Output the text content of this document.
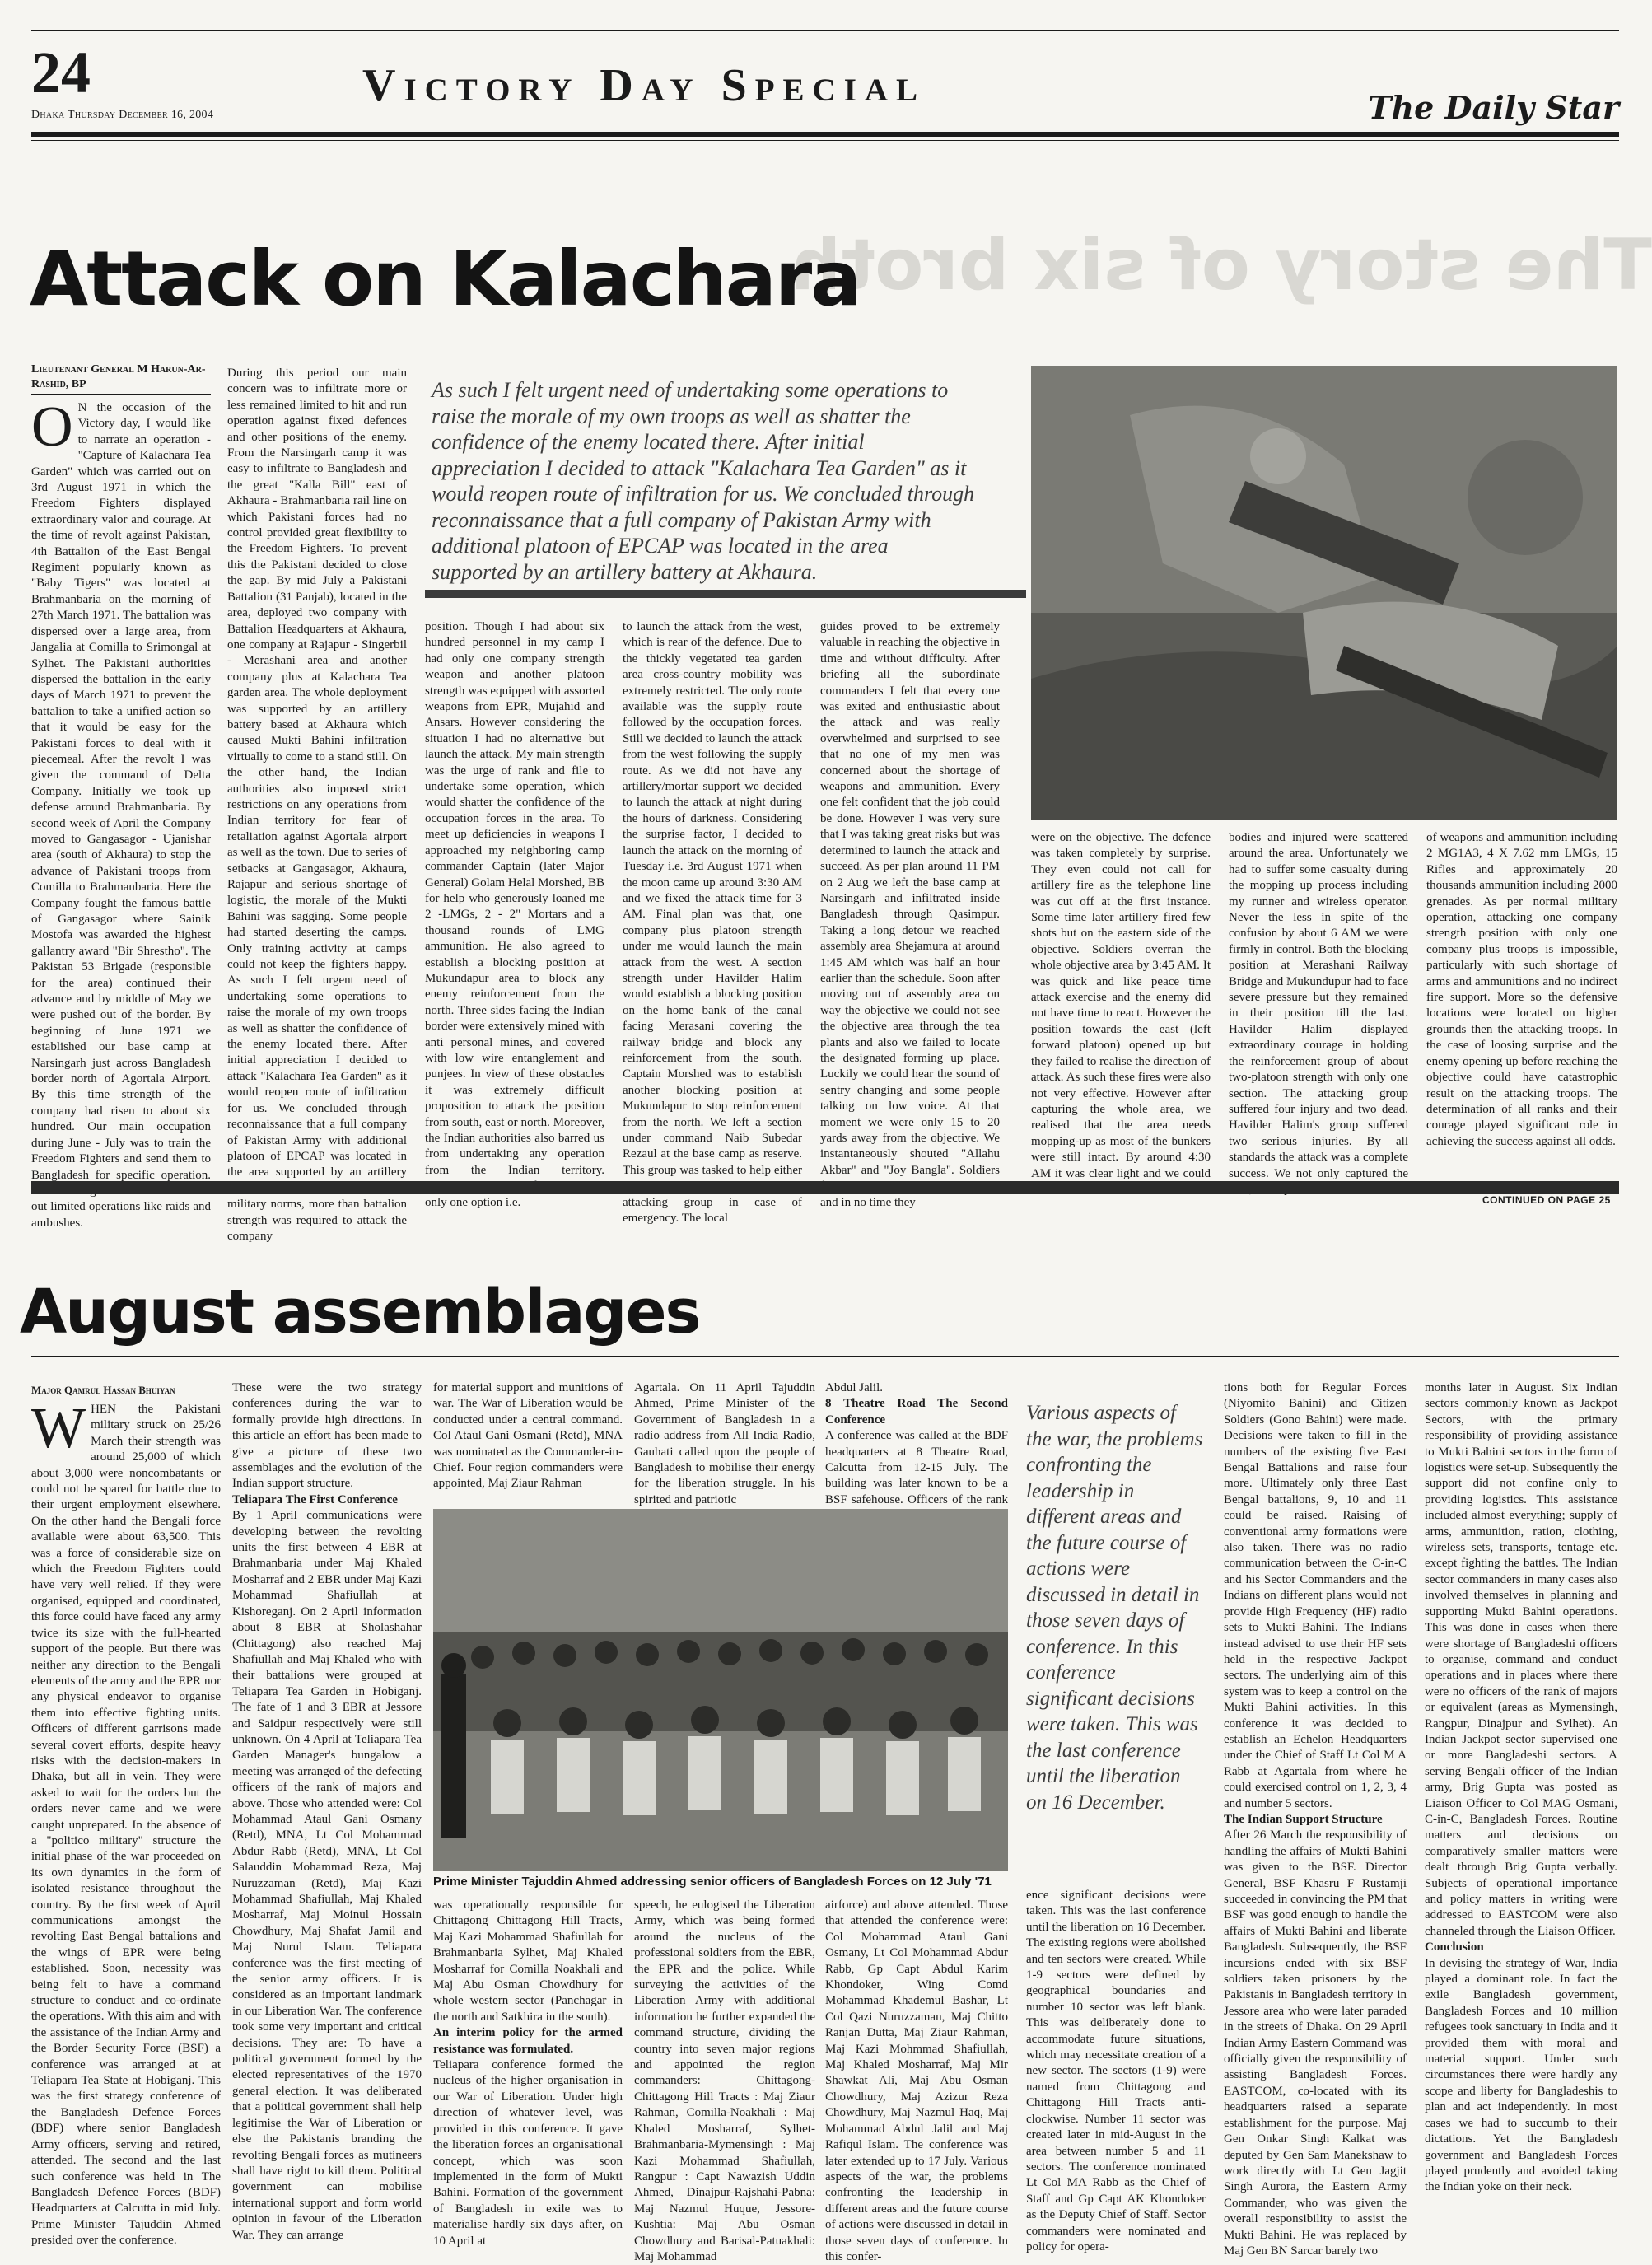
24	Victory Day Special
Dhaka Thursday December 16, 2004	The Daily Star
The story of six broth
Attack on Kalachara
Lieutenant General M Harun-Ar-Rashid, BP
O N the occasion of the Victory day, I would like to narrate an operation - "Capture of Kalachara Tea Garden" which was carried out on 3rd August 1971 in which the Freedom Fighters displayed extraordinary valor and courage. At the time of revolt against Pakistan, 4th Battalion of the East Bengal Regiment popularly known as "Baby Tigers" was located at Brahmanbaria on the morning of 27th March 1971. The battalion was dispersed over a large area, from Jangalia at Comilla to Srimongal at Sylhet. The Pakistani authorities dispersed the battalion in the early days of March 1971 to prevent the battalion to take a unified action so that it would be easy for the Pakistani forces to deal with it piecemeal. After the revolt I was given the command of Delta Company. Initially we took up defense around Brahmanbaria. By second week of April the Company moved to Gangasagor - Ujanishar area (south of Akhaura) to stop the advance of Pakistani troops from Comilla to Brahmanbaria. Here the Company fought the famous battle of Gangasagor where Sainik Mostofa was awarded the highest gallantry award "Bir Shrestho". The Pakistan 53 Brigade (responsible for the area) continued their advance and by middle of May we were pushed out of the border. By beginning of June 1971 we established our base camp at Narsingarh just across Bangladesh border north of Agortala Airport. By this time strength of the company had risen to about six hundred. Our main occupation during June - July was to train the Freedom Fighters and send them to Bangladesh for specific operation. out limited operations like raids and ambushes.
During this period our main concern was to infiltrate more or less remained limited to hit and run operation against fixed defences and other positions of the enemy. From the Narsingarh camp it was easy to infiltrate to Bangladesh and the great "Kalla Bill" east of Akhaura - Brahmanbaria rail line on which Pakistani forces had no control provided great flexibility to the Freedom Fighters. To prevent this the Pakistani decided to close the gap. By mid July a Pakistani Battalion (31 Panjab), located in the area, deployed two company with Battalion Headquarters at Akhaura, one company at Rajapur - Singerbil - Merashani area and another company plus at Kalachara Tea garden area. The whole deployment was supported by an artillery battery based at Akhaura which caused Mukti Bahini infiltration virtually to come to a stand still. On the other hand, the Indian authorities also imposed strict restrictions on any operations from Indian territory for fear of retaliation against Agortala airport as well as the town. Due to series of setbacks at Gangasagor, Akhaura, Rajapur and serious shortage of logistic, the morale of the Mukti Bahini was sagging. Some people had started deserting the camps. Only training activity at camps could not keep the fighters happy. As such I felt urgent need of undertaking some operations to raise the morale of my own troops as well as shatter the confidence of the enemy located there. After initial appreciation I decided to attack "Kalachara Tea Garden" as it would reopen route of infiltration for us. We concluded through reconnaissance that a full company of Pakistan Army with additional platoon of EPCAP was located in the area supported by an artillery military norms, more than battalion strength was required to attack the company
As such I felt urgent need of undertaking some operations to raise the morale of my own troops as well as shatter the confidence of the enemy located there. After initial appreciation I decided to attack "Kalachara Tea Garden" as it would reopen route of infiltration for us. We concluded through reconnaissance that a full company of Pakistan Army with additional platoon of EPCAP was located in the area supported by an artillery battery at Akhaura.
position. Though I had about six hundred personnel in my camp I had only one company strength weapon and another platoon strength was equipped with assorted weapons from EPR, Mujahid and Ansars. However considering the situation I had no alternative but launch the attack. My main strength was the urge of rank and file to undertake some operation, which would shatter the confidence of the occupation forces in the area. To meet up deficiencies in weapons I approached my neighboring camp commander Captain (later Major General) Golam Helal Morshed, BB for help who generously loaned me 2 -LMGs, 2 - 2" Mortars and a thousand rounds of LMG ammunition. He also agreed to establish a blocking position at Mukundapur area to block any enemy reinforcement from the north. Three sides facing the Indian border were extensively mined with anti personal mines, and covered with low wire entanglement and punjees. In view of these obstacles it was extremely difficult proposition to attack the position from south, east or north. Moreover, the Indian authorities also barred us from undertaking any operation from the Indian territory. only one option i.e.
to launch the attack from the west, which is rear of the defence. Due to the thickly vegetated tea garden area cross-country mobility was extremely restricted. The only route available was the supply route followed by the occupation forces. Still we decided to launch the attack from the west following the supply route. As we did not have any artillery/mortar support we decided to launch the attack at night during the hours of darkness. Considering the surprise factor, I decided to launch the attack on the morning of Tuesday i.e. 3rd August 1971 when the moon came up around 3:30 AM and we fixed the attack time for 3 AM. Final plan was that, one company plus platoon strength under me would launch the main attack from the west. A section strength under Havilder Halim would establish a blocking position on the home bank of the canal facing Merasani covering the railway bridge and block any reinforcement from the south. Captain Morshed was to establish another blocking position at Mukundapur to stop reinforcement from the north. We left a section under command Naib Subedar Rezaul at the base camp as reserve. This group was tasked to help either attacking group in case of emergency. The local
guides proved to be extremely valuable in reaching the objective in time and without difficulty. After briefing all the subordinate commanders I felt that every one was exited and enthusiastic about the attack and was really overwhelmed and surprised to see that no one of my men was concerned about the shortage of weapons and ammunition. Every one felt confident that the job could be done. However I was very sure that I was taking great risks but was determined to launch the attack and succeed. As per plan around 11 PM on 2 Aug we left the base camp at Narsingarh and infiltrated inside Bangladesh through Qasimpur. Taking a long detour we reached assembly area Shejamura at around 1:45 AM which was half an hour earlier than the schedule. Soon after moving out of assembly area on way the objective we could not see the objective area through the tea plants and also we failed to locate the designated forming up place. Luckily we could hear the sound of sentry changing and some people talking on low voice. At that moment we were only 15 to 20 yards away from the objective. We instantaneously shouted "Allahu Akbar" and "Joy Bangla". Soldiers and in no time they
were on the objective. The defence was taken completely by surprise. They even could not call for artillery fire as the telephone line was cut off at the first instance. Some time later artillery fired few shots but on the eastern side of the objective. Soldiers overran the whole objective area by 3:45 AM. It was quick and like peace time attack exercise and the enemy did not have time to react. However the position towards the east (left forward platoon) opened up but they failed to realise the direction of attack. As such these fires were also not very effective. However after capturing the whole area, we realised that the area needs mopping-up as most of the bunkers were still intact. By around 4:30 AM it was clear light and we could
bodies and injured were scattered around the area. Unfortunately we had to suffer some casualty during the mopping up process including my runner and wireless operator. Never the less in spite of the confusion by about 6 AM we were firmly in control. Both the blocking position at Merashani Railway Bridge and Mukundupur had to face severe pressure but they remained in their position till the last. Havilder Halim displayed extraordinary courage in holding the reinforcement group of about two-platoon strength with only one section. The attacking group suffered four injury and two dead. Havilder Halim's group suffered two serious injuries. By all standards the attack was a complete success. We not only captured the
of weapons and ammunition including 2 MG1A3, 4 X 7.62 mm LMGs, 15 Rifles and approximately 20 thousands ammunition including 2000 grenades. As per normal military operation, attacking one company strength position with only one company plus troops is impossible, particularly with such shortage of arms and ammunitions and no indirect fire support. More so the defensive locations were located on higher grounds then the attacking troops. In the case of loosing surprise and the enemy opening up before reaching the objective could have catastrophic result on the attacking troops. The determination of all ranks and their courage played significant role in achieving the success against all odds.
CONTINUED ON PAGE 25
August assemblages
Major Qamrul Hassan Bhuiyan
W HEN the Pakistani military struck on 25/26 March their strength was around 25,000 of which about 3,000 were noncombatants or could not be spared for battle due to their urgent employment elsewhere. On the other hand the Bengali force available were about 63,500. This was a force of considerable size on which the Freedom Fighters could have very well relied. If they were organised, equipped and coordinated, this force could have faced any army twice its size with the full-hearted support of the people. But there was neither any direction to the Bengali elements of the army and the EPR nor any physical endeavor to organise them into effective fighting units. Officers of different garrisons made several covert efforts, despite heavy risks with the decision-makers in Dhaka, but all in vein. They were asked to wait for the orders but the orders never came and we were caught unprepared. In the absence of a "politico military" structure the initial phase of the war proceeded on its own dynamics in the form of isolated resistance throughout the country. By the first week of April communications amongst the revolting East Bengal battalions and the wings of EPR were being established. Soon, necessity was being felt to have a command structure to conduct and co-ordinate the operations. With this aim and with the assistance of the Indian Army and the Border Security Force (BSF) a conference was arranged at at Teliapara Tea State at Hobiganj. This was the first strategy conference of the Bangladesh Defence Forces (BDF) where senior Bangladesh Army officers, serving and retired, attended. The second and the last such conference was held in The Bangladesh Defence Forces (BDF) Headquarters at Calcutta in mid July. Prime Minister Tajuddin Ahmed presided over the conference.
These were the two strategy conferences during the war to formally provide high directions. In this article an effort has been made to give a picture of these two assemblages and the evolution of the Indian support structure.
Teliapara The First Conference
By 1 April communications were developing between the revolting units the first between 4 EBR at Brahmanbaria under Maj Khaled Mosharraf and 2 EBR under Maj Kazi Mohammad Shafiullah at Kishoreganj. On 2 April information about 8 EBR at Sholashahar (Chittagong) also reached Maj Shafiullah and Maj Khaled who with their battalions were grouped at Teliapara Tea Garden in Hobiganj. The fate of 1 and 3 EBR at Jessore and Saidpur respectively were still unknown. On 4 April at Teliapara Tea Garden Manager's bungalow a meeting was arranged of the defecting officers of the rank of majors and above. Those who attended were: Col Mohammad Ataul Gani Osmany (Retd), MNA, Lt Col Mohammad Abdur Rabb (Retd), MNA, Lt Col Salauddin Mohammad Reza, Maj Nuruzzaman (Retd), Maj Kazi Mohammad Shafiullah, Maj Khaled Mosharraf, Maj Moinul Hossain Chowdhury, Maj Shafat Jamil and Maj Nurul Islam. Teliapara conference was the first meeting of the senior army officers. It is considered as an important landmark in our Liberation War. The conference took some very important and critical decisions. They are: To have a political government formed by the elected representatives of the 1970 general election. It was deliberated that a political government shall help legitimise the War of Liberation or else the Pakistanis branding the revolting Bengali forces as mutineers shall have right to kill them. Political government can mobilise international support and form world opinion in favour of the Liberation War. They can arrange
for material support and munitions of war. The War of Liberation would be conducted under a central command. Col Ataul Gani Osmani (Retd), MNA was nominated as the Commander-in-Chief. Four region commanders were appointed, Maj Ziaur Rahman
Agartala. On 11 April Tajuddin Ahmed, Prime Minister of the Government of Bangladesh in a radio address from All India Radio, Gauhati called upon the people of Bangladesh to mobilise their energy for the liberation struggle. In his spirited and patriotic
Abdul Jalil.
8 Theatre Road The Second Conference
A conference was called at the BDF headquarters at 8 Theatre Road, Calcutta from 12-15 July. The building was later known to be a BSF safehouse. Officers of the rank
Prime Minister Tajuddin Ahmed addressing senior officers of Bangladesh Forces on 12 July '71
Various aspects of the war, the problems confronting the leadership in different areas and the future course of actions were discussed in detail in those seven days of conference. In this conference significant decisions were taken. This was the last conference until the liberation on 16 December.
was operationally responsible for Chittagong Chittagong Hill Tracts, Maj Kazi Mohammad Shafiullah for Brahmanbaria Sylhet, Maj Khaled Mosharraf for Comilla Noakhali and Maj Abu Osman Chowdhury for whole western sector (Panchagar in the north and Satkhira in the south).
An interim policy for the armed resistance was formulated.
Teliapara conference formed the nucleus of the higher organisation in our War of Liberation. Under high direction of whatever level, was provided in this conference. It gave the liberation forces an organisational concept, which was soon implemented in the form of Mukti Bahini. Formation of the government of Bangladesh in exile was to materialise hardly six days after, on 10 April at
speech, he eulogised the Liberation Army, which was being formed around the nucleus of the professional soldiers from the EBR, the EPR and the police. While surveying the activities of the Liberation Army with additional information he further expanded the command structure, dividing the country into seven major regions and appointed the region commanders: Chittagong-Chittagong Hill Tracts : Maj Ziaur Rahman, Comilla-Noakhali : Maj Khaled Mosharraf, Sylhet-Brahmanbaria-Mymensingh : Maj Kazi Mohammad Shafiullah, Rangpur : Capt Nawazish Uddin Ahmed, Dinajpur-Rajshahi-Pabna: Maj Nazmul Huque, Jessore-Kushtia: Maj Abu Osman Chowdhury and Barisal-Patuakhali: Maj Mohammad
airforce) and above attended. Those that attended the conference were: Col Mohammad Ataul Gani Osmany, Lt Col Mohammad Abdur Rabb, Gp Capt Abdul Karim Khondoker, Wing Comd Mohammad Khademul Bashar, Lt Col Qazi Nuruzzaman, Maj Chitto Ranjan Dutta, Maj Ziaur Rahman, Maj Kazi Mohmmad Shafiullah, Maj Khaled Mosharraf, Maj Mir Shawkat Ali, Maj Abu Osman Chowdhury, Maj Azizur Reza Chowdhury, Maj Nazmul Haq, Maj Mohammad Abdul Jalil and Maj Rafiqul Islam. The conference was later extended up to 17 July. Various aspects of the war, the problems confronting the leadership in different areas and the future course of actions were discussed in detail in those seven days of conference. In this confer-
ence significant decisions were taken. This was the last conference until the liberation on 16 December. The existing regions were abolished and ten sectors were created. While 1-9 sectors were defined by geographical boundaries and number 10 sector was left blank. This was deliberately done to accommodate future situations, which may necessitate creation of a new sector. The sectors (1-9) were named from Chittagong and Chittagong Hill Tracts anti-clockwise. Number 11 sector was created later in mid-August in the area between number 5 and 11 sectors. The conference nominated Lt Col MA Rabb as the Chief of Staff and Gp Capt AK Khondoker as the Deputy Chief of Staff. Sector commanders were nominated and policy for opera-
tions both for Regular Forces (Niyomito Bahini) and Citizen Soldiers (Gono Bahini) were made. Decisions were taken to fill in the numbers of the existing five East Bengal Battalions and raise four more. Ultimately only three East Bengal battalions, 9, 10 and 11 could be raised. Raising of conventional army formations were also taken. There was no radio communication between the C-in-C and his Sector Commanders and the Indians on different plans would not provide High Frequency (HF) radio sets to Mukti Bahini. The Indians instead advised to use their HF sets held in the respective Jackpot sectors. The underlying aim of this system was to keep a control on the Mukti Bahini activities. In this conference it was decided to establish an Echelon Headquarters under the Chief of Staff Lt Col M A Rabb at Agartala from where he could exercised control on 1, 2, 3, 4 and number 5 sectors.
The Indian Support Structure
After 26 March the responsibility of handling the affairs of Mukti Bahini was given to the BSF. Director General, BSF Khasru F Rustamji succeeded in convincing the PM that BSF was good enough to handle the affairs of Mukti Bahini and liberate Bangladesh. Subsequently, the BSF incursions ended with six BSF soldiers taken prisoners by the Pakistanis in Bangladesh territory in Jessore area who were later paraded in the streets of Dhaka. On 29 April Indian Army Eastern Command was officially given the responsibility of assisting Bangladesh Forces. EASTCOM, co-located with its headquarters raised a separate establishment for the purpose. Maj Gen Onkar Singh Kalkat was deputed by Gen Sam Manekshaw to work directly with Lt Gen Jagjit Singh Aurora, the Eastern Army Commander, who was given the overall responsibility to assist the Mukti Bahini. He was replaced by Maj Gen BN Sarcar barely two
months later in August. Six Indian sectors commonly known as Jackpot Sectors, with the primary responsibility of providing assistance to Mukti Bahini sectors in the form of logistics were set-up. Subsequently the support did not confine only to providing logistics. This assistance included almost everything; supply of arms, ammunition, ration, clothing, wireless sets, transports, tentage etc. except fighting the battles. The Indian sector commanders in many cases also involved themselves in planning and supporting Mukti Bahini operations. This was done in cases when there were shortage of Bangladeshi officers to organise, command and conduct operations and in places where there were no officers of the rank of majors or equivalent (areas as Mymensingh, Rangpur, Dinajpur and Sylhet). An Indian Jackpot sector supervised one or more Bangladeshi sectors. A serving Bengali officer of the Indian army, Brig Gupta was posted as Liaison Officer to Col MAG Osmani, C-in-C, Bangladesh Forces. Routine matters and decisions on comparatively smaller matters were dealt through Brig Gupta verbally. Subjects of operational importance and policy matters in writing were addressed to EASTCOM were also channeled through the Liaison Officer.
Conclusion
In devising the strategy of War, India played a dominant role. In fact the exile Bangladesh government, Bangladesh Forces and 10 million refugees took sanctuary in India and it provided them with moral and material support. Under such circumstances there were hardly any scope and liberty for Bangladeshis to plan and act independently. In most cases we had to succumb to their dictations. Yet the Bangladesh government and Bangladesh Forces played prudently and avoided taking the Indian yoke on their neck.
